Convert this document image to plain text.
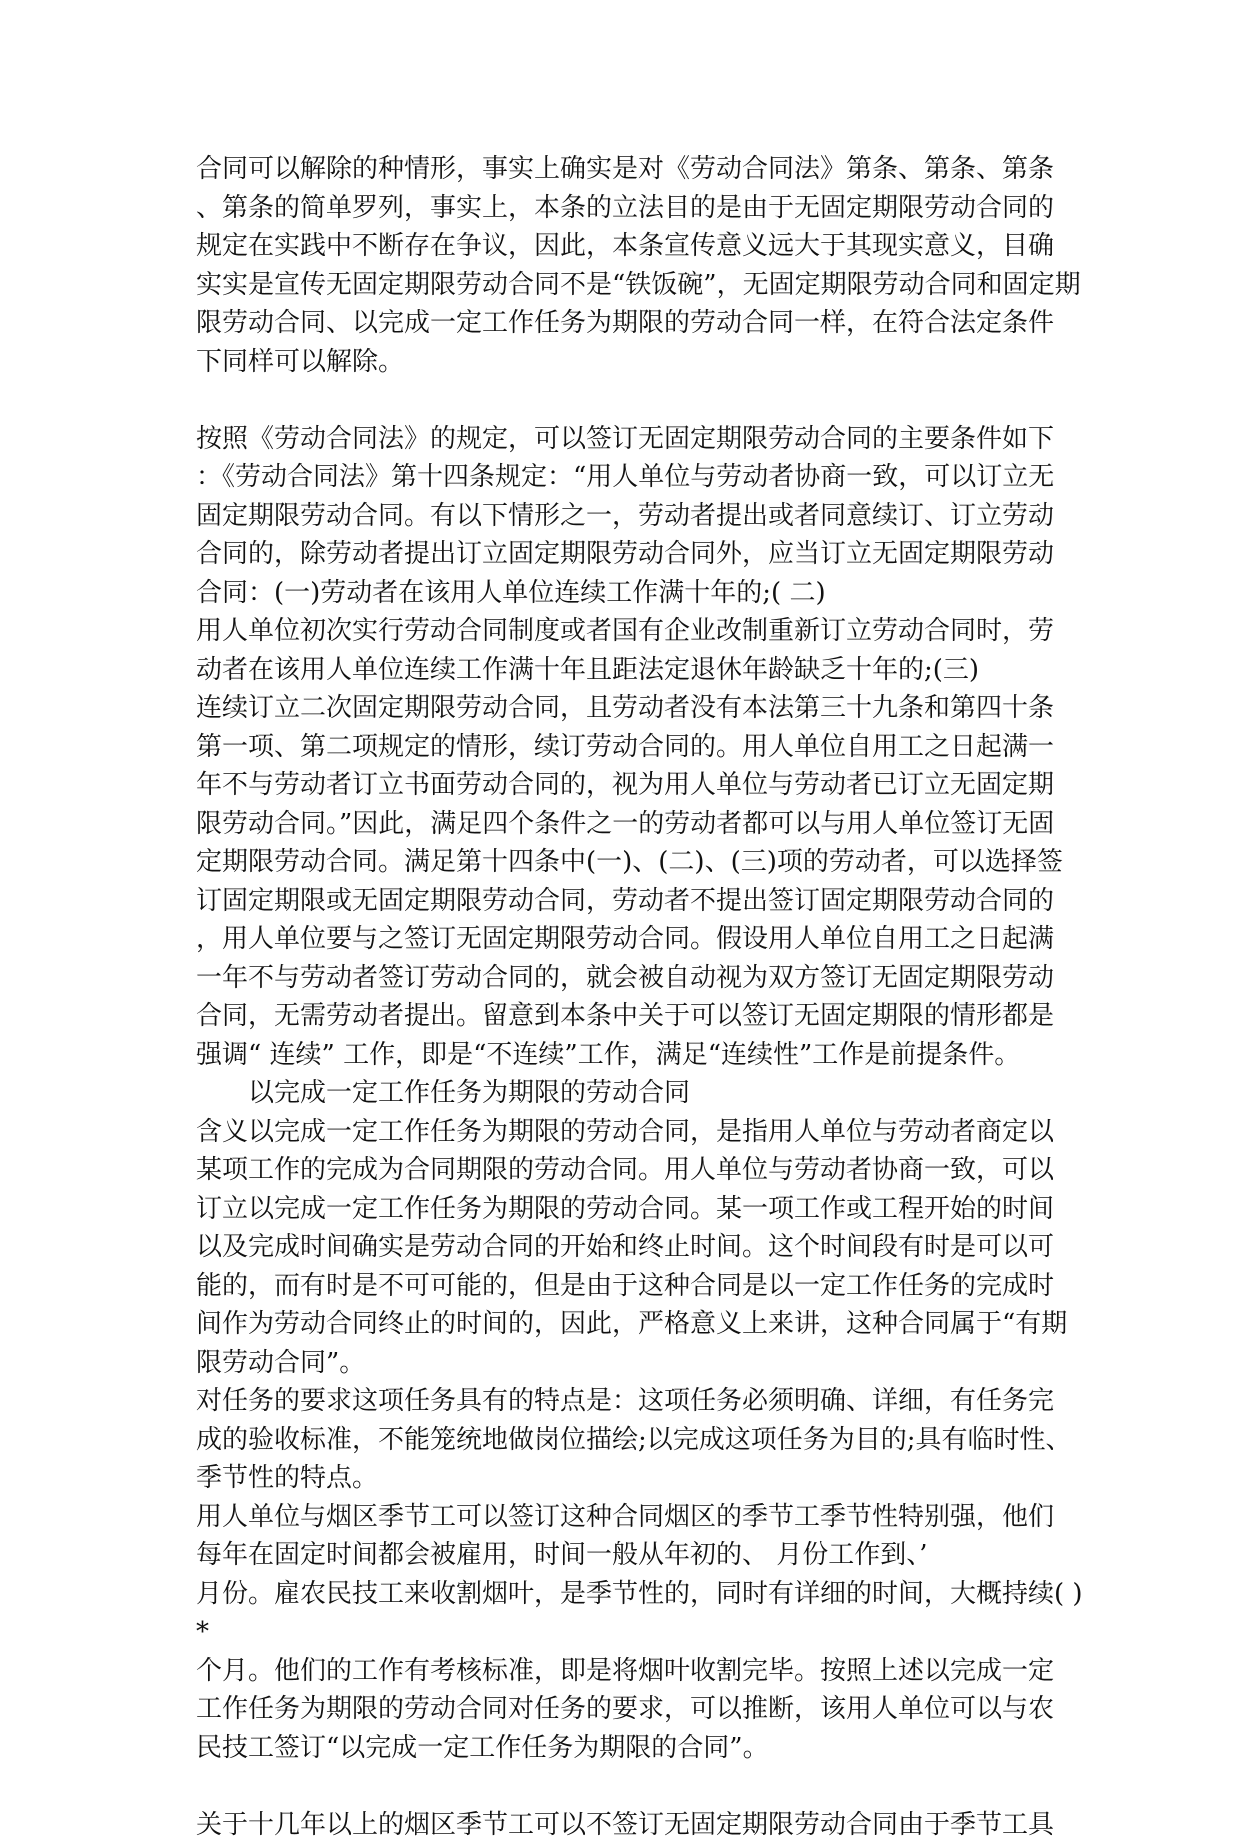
合同可以解除的种情形，事实上确实是对《劳动合同法》第条、第条、第条
、第条的简单罗列，事实上，本条的立法目的是由于无固定期限劳动合同的
规定在实践中不断存在争议，因此，本条宣传意义远大于其现实意义，目确
实实是宣传无固定期限劳动合同不是“铁饭碗”，无固定期限劳动合同和固定期
限劳动合同、以完成一定工作任务为期限的劳动合同一样，在符合法定条件
下同样可以解除。
按照《劳动合同法》的规定，可以签订无固定期限劳动合同的主要条件如下
：《劳动合同法》第十四条规定：“用人单位与劳动者协商一致，可以订立无
固定期限劳动合同。有以下情形之一，劳动者提出或者同意续订、订立劳动
合同的，除劳动者提出订立固定期限劳动合同外，应当订立无固定期限劳动
合同：(一)劳动者在该用人单位连续工作满十年的;( 二)
用人单位初次实行劳动合同制度或者国有企业改制重新订立劳动合同时，劳
动者在该用人单位连续工作满十年且距法定退休年龄缺乏十年的;(三)
连续订立二次固定期限劳动合同，且劳动者没有本法第三十九条和第四十条
第一项、第二项规定的情形，续订劳动合同的。用人单位自用工之日起满一
年不与劳动者订立书面劳动合同的，视为用人单位与劳动者已订立无固定期
限劳动合同。”因此，满足四个条件之一的劳动者都可以与用人单位签订无固
定期限劳动合同。满足第十四条中(一)、(二)、(三)项的劳动者，可以选择签
订固定期限或无固定期限劳动合同，劳动者不提出签订固定期限劳动合同的
，用人单位要与之签订无固定期限劳动合同。假设用人单位自用工之日起满
一年不与劳动者签订劳动合同的，就会被自动视为双方签订无固定期限劳动
合同，无需劳动者提出。留意到本条中关于可以签订无固定期限的情形都是
强调“ 连续” 工作，即是“不连续”工作，满足“连续性”工作是前提条件。
以完成一定工作任务为期限的劳动合同
含义以完成一定工作任务为期限的劳动合同，是指用人单位与劳动者商定以
某项工作的完成为合同期限的劳动合同。用人单位与劳动者协商一致，可以
订立以完成一定工作任务为期限的劳动合同。某一项工作或工程开始的时间
以及完成时间确实是劳动合同的开始和终止时间。这个时间段有时是可以可
能的，而有时是不可可能的，但是由于这种合同是以一定工作任务的完成时
间作为劳动合同终止的时间的，因此，严格意义上来讲，这种合同属于“有期
限劳动合同”。
对任务的要求这项任务具有的特点是：这项任务必须明确、详细，有任务完
成的验收标准，不能笼统地做岗位描绘;以完成这项任务为目的;具有临时性、
季节性的特点。
用人单位与烟区季节工可以签订这种合同烟区的季节工季节性特别强，他们
每年在固定时间都会被雇用，时间一般从年初的、 月份工作到、’
月份。雇农民技工来收割烟叶，是季节性的，同时有详细的时间，大概持续( )
*
个月。他们的工作有考核标准，即是将烟叶收割完毕。按照上述以完成一定
工作任务为期限的劳动合同对任务的要求，可以推断，该用人单位可以与农
民技工签订“以完成一定工作任务为期限的合同”。
关于十几年以上的烟区季节工可以不签订无固定期限劳动合同由于季节工具
